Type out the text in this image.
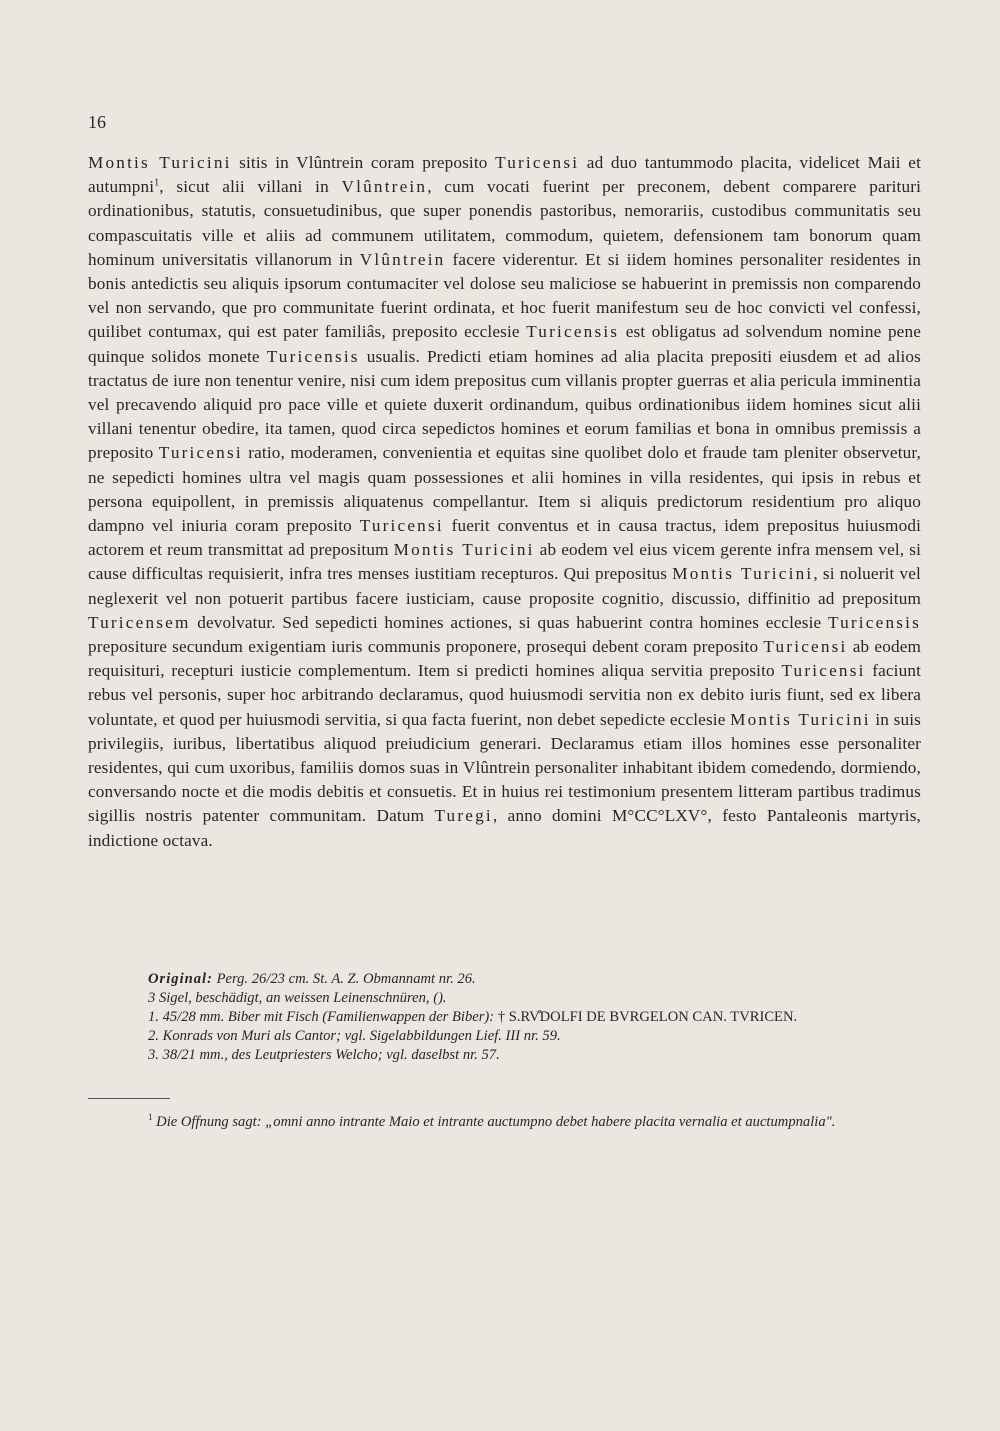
16
Montis Turicini sitis in Vlûntrein coram preposito Turicensi ad duo tantummodo placita, videlicet Maii et autumpni$^1$, sicut alii villani in Vlûntrein, cum vocati fuerint per preconem, debent comparere parituri ordinationibus, statutis, consuetudinibus, que super ponendis pastoribus, nemorariis, custodibus communitatis seu compascuitatis ville et aliis ad communem utilitatem, commodum, quietem, defensionem tam bonorum quam hominum universitatis villanorum in Vlûntrein facere viderentur. Et si iidem homines personaliter residentes in bonis antedictis seu aliquis ipsorum contumaciter vel dolose seu maliciose se habuerint in premissis non comparendo vel non servando, que pro communitate fuerint ordinata, et hoc fuerit manifestum seu de hoc convicti vel confessi, quilibet contumax, qui est pater familiâs, preposito ecclesie Turicensis est obligatus ad solvendum nomine pene quinque solidos monete Turicensis usualis. Predicti etiam homines ad alia placita prepositi eiusdem et ad alios tractatus de iure non tenentur venire, nisi cum idem prepositus cum villanis propter guerras et alia pericula imminentia vel precavendo aliquid pro pace ville et quiete duxerit ordinandum, quibus ordinationibus iidem homines sicut alii villani tenentur obedire, ita tamen, quod circa sepedictos homines et eorum familias et bona in omnibus premissis a preposito Turicensi ratio, moderamen, convenientia et equitas sine quolibet dolo et fraude tam pleniter observetur, ne sepedicti homines ultra vel magis quam possessiones et alii homines in villa residentes, qui ipsis in rebus et persona equipollent, in premissis aliquatenus compellantur. Item si aliquis predictorum residentium pro aliquo dampno vel iniuria coram preposito Turicensi fuerit conventus et in causa tractus, idem prepositus huiusmodi actorem et reum transmittat ad prepositum Montis Turicini ab eodem vel eius vicem gerente infra mensem vel, si cause difficultas requisierit, infra tres menses iustitiam recepturos. Qui prepositus Montis Turicini, si noluerit vel neglexerit vel non potuerit partibus facere iusticiam, cause proposite cognitio, discussio, diffinitio ad prepositum Turicensem devolvatur. Sed sepedicti homines actiones, si quas habuerint contra homines ecclesie Turicensis prepositure secundum exigentiam iuris communis proponere, prosequi debent coram preposito Turicensi ab eodem requisituri, recepturi iusticie complementum. Item si predicti homines aliqua servitia preposito Turicensi faciunt rebus vel personis, super hoc arbitrando declaramus, quod huiusmodi servitia non ex debito iuris fiunt, sed ex libera voluntate, et quod per huiusmodi servitia, si qua facta fuerint, non debet sepedicte ecclesie Montis Turicini in suis privilegiis, iuribus, libertatibus aliquod preiudicium generari. Declaramus etiam illos homines esse personaliter residentes, qui cum uxoribus, familiis domos suas in Vlûntrein personaliter inhabitant ibidem comedendo, dormiendo, conversando nocte et die modis debitis et consuetis. Et in huius rei testimonium presentem litteram partibus tradimus sigillis nostris patenter communitam. Datum Turegi, anno domini M°CC°LXV°, festo Pantaleonis martyris, indictione octava.
Original: Perg. 26/23 cm. St. A. Z. Obmannamt nr. 26.
3 Sigel, beschädigt, an weissen Leinenschnüren, ().
1. 45/28 mm. Biber mit Fisch (Familienwappen der Biber): † S.RV̊DOLFI DE BVRGELON CAN. TVRICEN.
2. Konrads von Muri als Cantor; vgl. Sigelabbildungen Lief. III nr. 59.
3. 38/21 mm., des Leutpriesters Welcho; vgl. daselbst nr. 57.
$^1$ Die Offnung sagt: „omni anno intrante Maio et intrante auctumpno debet habere placita vernalia et auctumpnalia".
